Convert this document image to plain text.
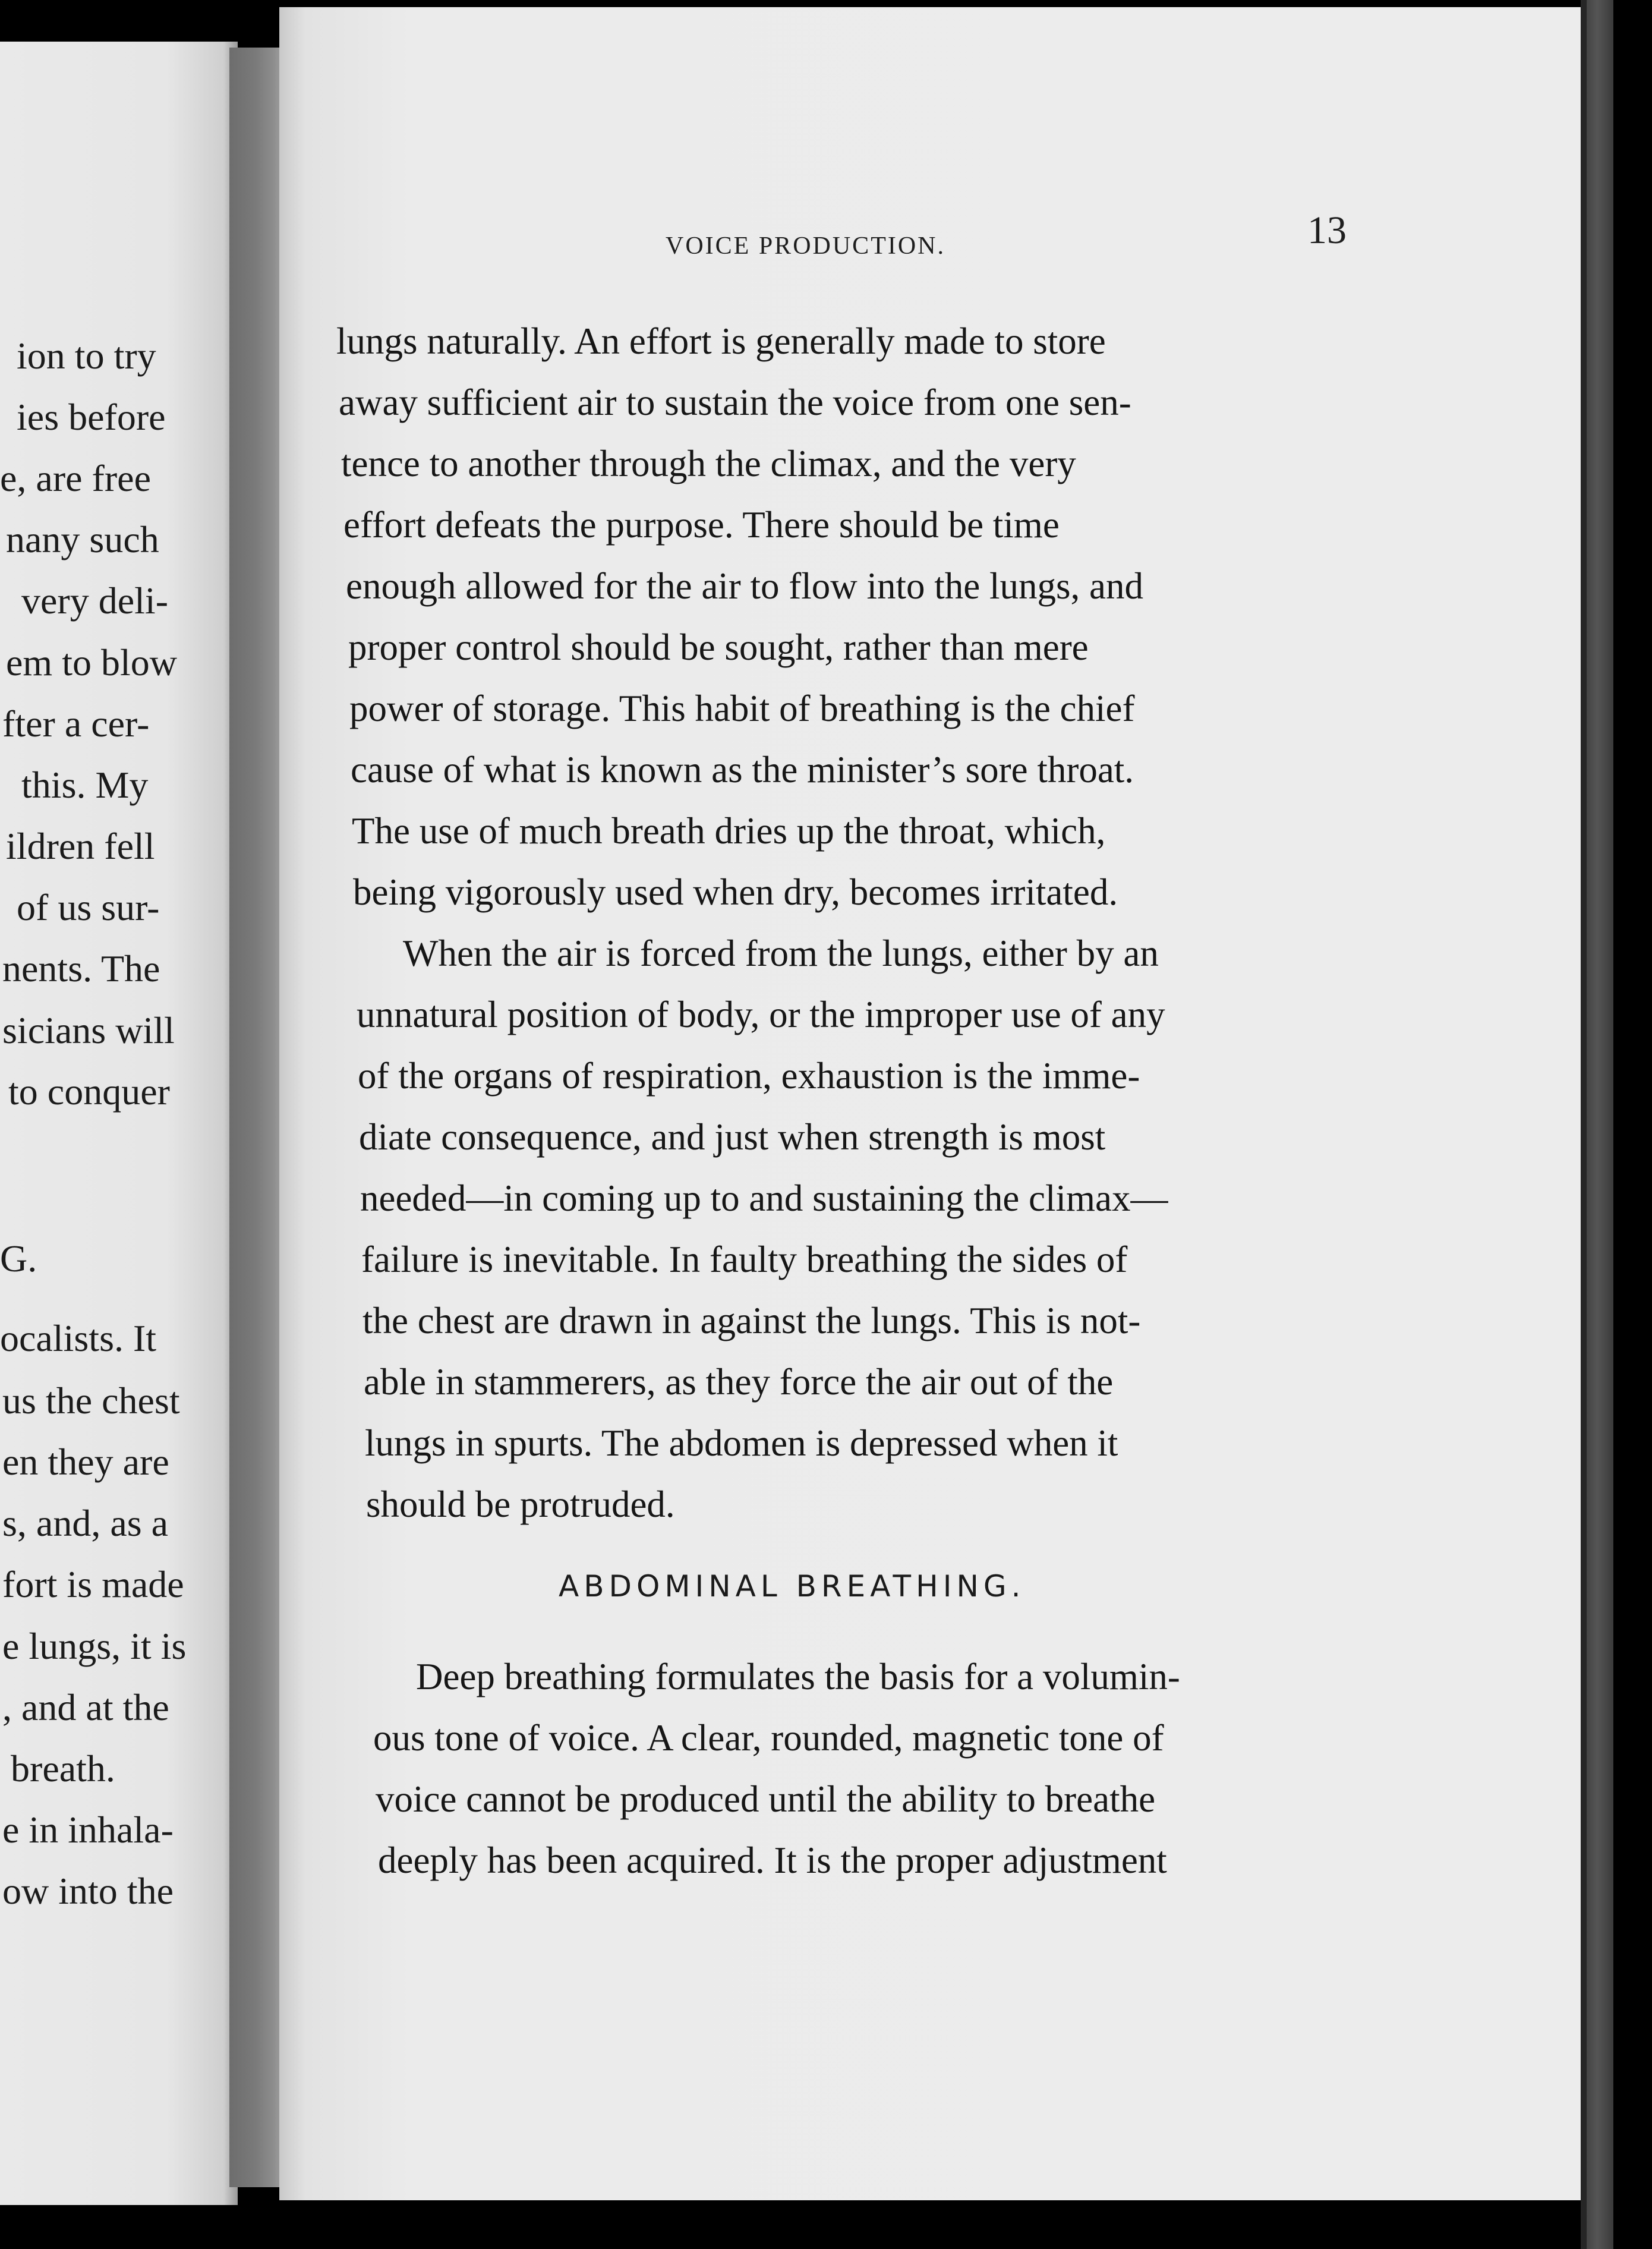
ion to try

ies before

e, are free

nany such

very deli-

em to blow

fter a cer-

this. My

ildren fell

of us sur-

nents. The

sicians will

to conquer

G.

ocalists. It

us the chest

en they are

s, and, as a

fort is made

e lungs, it is

, and at the

breath.

e in inhala-

ow into the

VOICE PRODUCTION.	13

lungs naturally. An effort is generally made to store

away sufficient air to sustain the voice from one sen-

tence to another through the climax, and the very

effort defeats the purpose. There should be time

enough allowed for the air to flow into the lungs, and

proper control should be sought, rather than mere

power of storage. This habit of breathing is the chief

cause of what is known as the minister’s sore throat.

The use of much breath dries up the throat, which,

being vigorously used when dry, becomes irritated.

When the air is forced from the lungs, either by an

unnatural position of body, or the improper use of any

of the organs of respiration, exhaustion is the imme-

diate consequence, and just when strength is most

needed—in coming up to and sustaining the climax—

failure is inevitable. In faulty breathing the sides of

the chest are drawn in against the lungs. This is not-

able in stammerers, as they force the air out of the

lungs in spurts. The abdomen is depressed when it

should be protruded.

ABDOMINAL BREATHING.

Deep breathing formulates the basis for a volumin-

ous tone of voice. A clear, rounded, magnetic tone of

voice cannot be produced until the ability to breathe

deeply has been acquired. It is the proper adjustment
